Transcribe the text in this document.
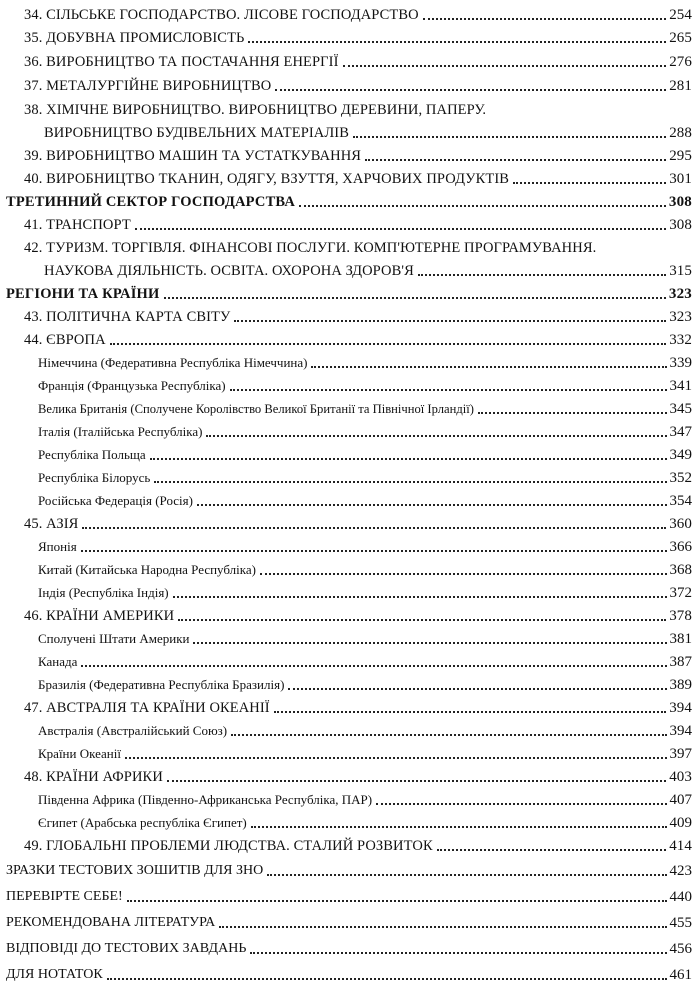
34. СІЛЬСЬКЕ ГОСПОДАРСТВО. ЛІСОВЕ ГОСПОДАРСТВО	254
35. ДОБУВНА ПРОМИСЛОВІСТЬ	265
36. ВИРОБНИЦТВО ТА ПОСТАЧАННЯ ЕНЕРГІЇ	276
37. МЕТАЛУРГІЙНЕ ВИРОБНИЦТВО	281
38. ХІМІЧНЕ ВИРОБНИЦТВО. ВИРОБНИЦТВО ДЕРЕВИНИ, ПАПЕРУ.
ВИРОБНИЦТВО БУДІВЕЛЬНИХ МАТЕРІАЛІВ	288
39. ВИРОБНИЦТВО МАШИН ТА УСТАТКУВАННЯ	295
40. ВИРОБНИЦТВО ТКАНИН, ОДЯГУ, ВЗУТТЯ, ХАРЧОВИХ ПРОДУКТІВ	301
ТРЕТИННИЙ СЕКТОР ГОСПОДАРСТВА	308
41. ТРАНСПОРТ	308
42. ТУРИЗМ. ТОРГІВЛЯ. ФІНАНСОВІ ПОСЛУГИ. КОМП'ЮТЕРНЕ ПРОГРАМУВАННЯ.
НАУКОВА ДІЯЛЬНІСТЬ. ОСВІТА. ОХОРОНА ЗДОРОВ'Я	315
РЕГІОНИ ТА КРАЇНИ	323
43. ПОЛІТИЧНА КАРТА СВІТУ	323
44. ЄВРОПА	332
Німеччина (Федеративна Республіка Німеччина)	339
Франція (Французька Республіка)	341
Велика Британія (Сполучене Королівство Великої Британії та Північної Ірландії)	345
Італія (Італійська Республіка)	347
Республіка Польща	349
Республіка Білорусь	352
Російська Федерація (Росія)	354
45. АЗІЯ	360
Японія	366
Китай (Китайська Народна Республіка)	368
Індія (Республіка Індія)	372
46. КРАЇНИ АМЕРИКИ	378
Сполучені Штати Америки	381
Канада	387
Бразилія (Федеративна Республіка Бразилія)	389
47. АВСТРАЛІЯ ТА КРАЇНИ ОКЕАНІЇ	394
Австралія (Австралійський Союз)	394
Країни Океанії	397
48. КРАЇНИ АФРИКИ	403
Південна Африка (Південно-Африканська Республіка, ПАР)	407
Єгипет (Арабська республіка Єгипет)	409
49. ГЛОБАЛЬНІ ПРОБЛЕМИ ЛЮДСТВА. СТАЛИЙ РОЗВИТОК	414
ЗРАЗКИ ТЕСТОВИХ ЗОШИТІВ ДЛЯ ЗНО	423
ПЕРЕВІРТЕ СЕБЕ!	440
РЕКОМЕНДОВАНА ЛІТЕРАТУРА	455
ВІДПОВІДІ ДО ТЕСТОВИХ ЗАВДАНЬ	456
ДЛЯ НОТАТОК	461
